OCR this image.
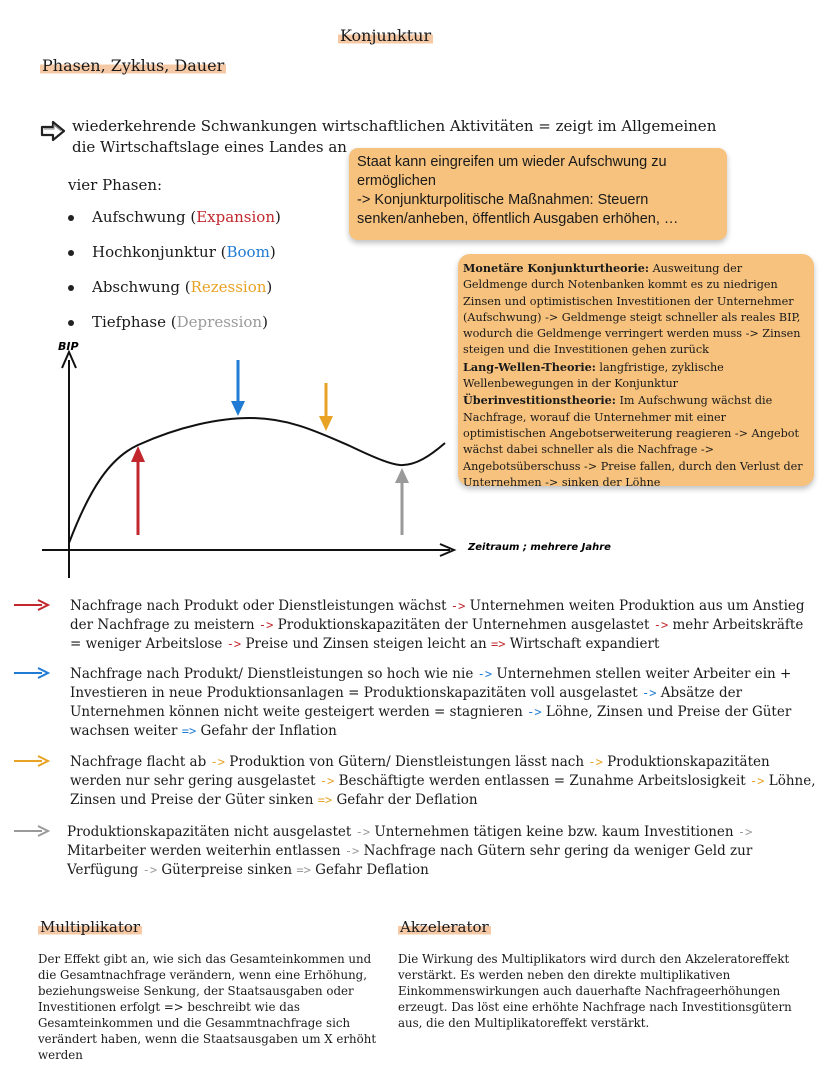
Konjunktur
Phasen, Zyklus, Dauer
wiederkehrende Schwankungen wirtschaftlichen Aktivitäten = zeigt im Allgemeinen die Wirtschaftslage eines Landes an
vier Phasen:
Aufschwung (Expansion)
Hochkonjunktur (Boom)
Abschwung (Rezession)
Tiefphase (Depression)
Staat kann eingreifen um wieder Aufschwung zu ermöglichen
-> Konjunkturpolitische Maßnahmen: Steuern senken/anheben, öffentlich Ausgaben erhöhen, …
Monetäre Konjunkturtheorie: Ausweitung der Geldmenge durch Notenbanken kommt es zu niedrigen Zinsen und optimistischen Investitionen der Unternehmer (Aufschwung) -> Geldmenge steigt schneller als reales BIP, wodurch die Geldmenge verringert werden muss -> Zinsen steigen und die Investitionen gehen zurück
Lang-Wellen-Theorie: langfristige, zyklische Wellenbewegungen in der Konjunktur
Überinvestitionstheorie: Im Aufschwung wächst die Nachfrage, worauf die Unternehmer mit einer optimistischen Angebotserweiterung reagieren -> Angebot wächst dabei schneller als die Nachfrage -> Angebotsüberschuss -> Preise fallen, durch den Verlust der Unternehmen -> sinken der Löhne
BIP
Zeitraum ; mehrere Jahre
Nachfrage nach Produkt oder Dienstleistungen wächst -> Unternehmen weiten Produktion aus um Anstieg der Nachfrage zu meistern -> Produktionskapazitäten der Unternehmen ausgelastet -> mehr Arbeitskräfte = weniger Arbeitslose -> Preise und Zinsen steigen leicht an => Wirtschaft expandiert
Nachfrage nach Produkt/ Dienstleistungen so hoch wie nie -> Unternehmen stellen weiter Arbeiter ein + Investieren in neue Produktionsanlagen = Produktionskapazitäten voll ausgelastet -> Absätze der Unternehmen können nicht weite gesteigert werden = stagnieren -> Löhne, Zinsen und Preise der Güter wachsen weiter => Gefahr der Inflation
Nachfrage flacht ab -> Produktion von Gütern/ Dienstleistungen lässt nach -> Produktionskapazitäten werden nur sehr gering ausgelastet -> Beschäftigte werden entlassen = Zunahme Arbeitslosigkeit -> Löhne, Zinsen und Preise der Güter sinken => Gefahr der Deflation
Produktionskapazitäten nicht ausgelastet -> Unternehmen tätigen keine bzw. kaum Investitionen -> Mitarbeiter werden weiterhin entlassen -> Nachfrage nach Gütern sehr gering da weniger Geld zur Verfügung -> Güterpreise sinken => Gefahr Deflation
Multiplikator
Der Effekt gibt an, wie sich das Gesamteinkommen und die Gesamtnachfrage verändern, wenn eine Erhöhung, beziehungsweise Senkung, der Staatsausgaben oder Investitionen erfolgt => beschreibt wie das Gesamteinkommen und die Gesammtnachfrage sich verändert haben, wenn die Staatsausgaben um X erhöht werden
Akzelerator
Die Wirkung des Multiplikators wird durch den Akzeleratoreffekt verstärkt. Es werden neben den direkte multiplikativen Einkommenswirkungen auch dauerhafte Nachfrageerhöhungen erzeugt. Das löst eine erhöhte Nachfrage nach Investitionsgütern aus, die den Multiplikatoreffekt verstärkt.
